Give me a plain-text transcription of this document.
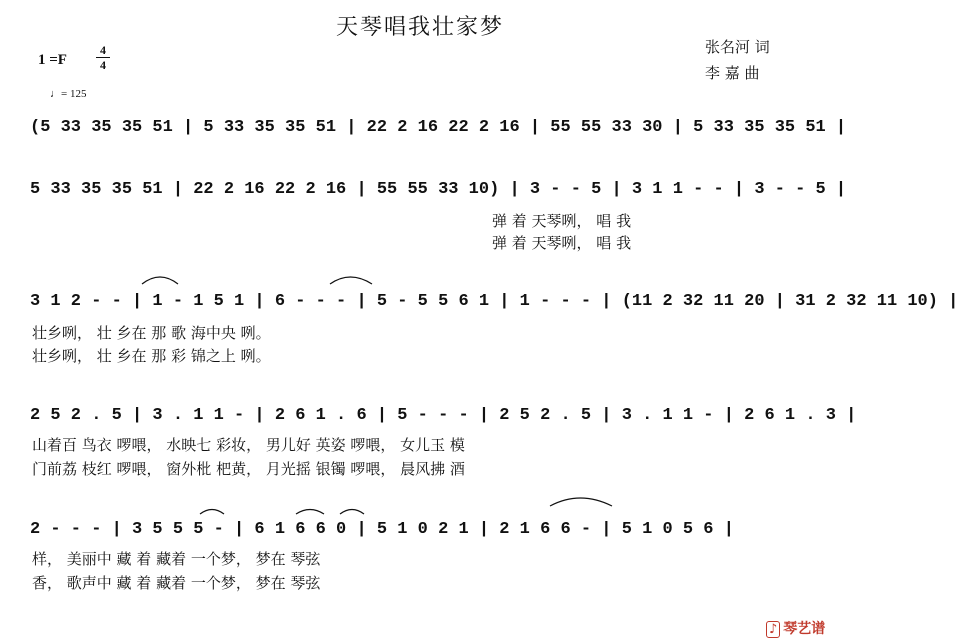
天琴唱我壮家梦
张名河 词
李 嘉 曲
1 =F
4
4
♩= 125
(5 33 35 35 51 | 5 33 35 35 51 | 22 2 16 22 2 16 | 55 55 33 30 | 5 33 35 35 51 |
5 33 35 35 51 | 22 2 16 22 2 16 | 55 55 33 10) | 3 - - 5 | 3 1 1 - - | 3 - - 5 |
弹 着 天琴咧， 唱 我
弹 着 天琴咧， 唱 我
3 1 2 - - | 1 - 1 5 1 | 6 - - - | 5 - 5 5 6 1 | 1 - - - | (11 2 32 11 20 | 31 2 32 11 10) |
壮乡咧， 壮 乡在 那 歌 海中央 咧。
壮乡咧， 壮 乡在 那 彩 锦之上 咧。
2 5 2 . 5 | 3 . 1 1 - | 2 6 1 . 6 | 5 - - - | 2 5 2 . 5 | 3 . 1 1 - | 2 6 1 . 3 |
山着百 鸟衣 啰喂， 水映七 彩妆， 男儿好 英姿 啰喂， 女儿玉 模
门前荔 枝红 啰喂， 窗外枇 杷黄， 月光摇 银镯 啰喂， 晨风拂 酒
2 - - - | 3 5 5 5 - | 6 1 6 6 0 | 5 1 0 2 1 | 2 1 6 6 - | 5 1 0 5 6 |
样， 美丽中 藏 着 藏着 一个梦， 梦在 琴弦
香， 歌声中 藏 着 藏着 一个梦， 梦在 琴弦
♪ 琴艺谱
